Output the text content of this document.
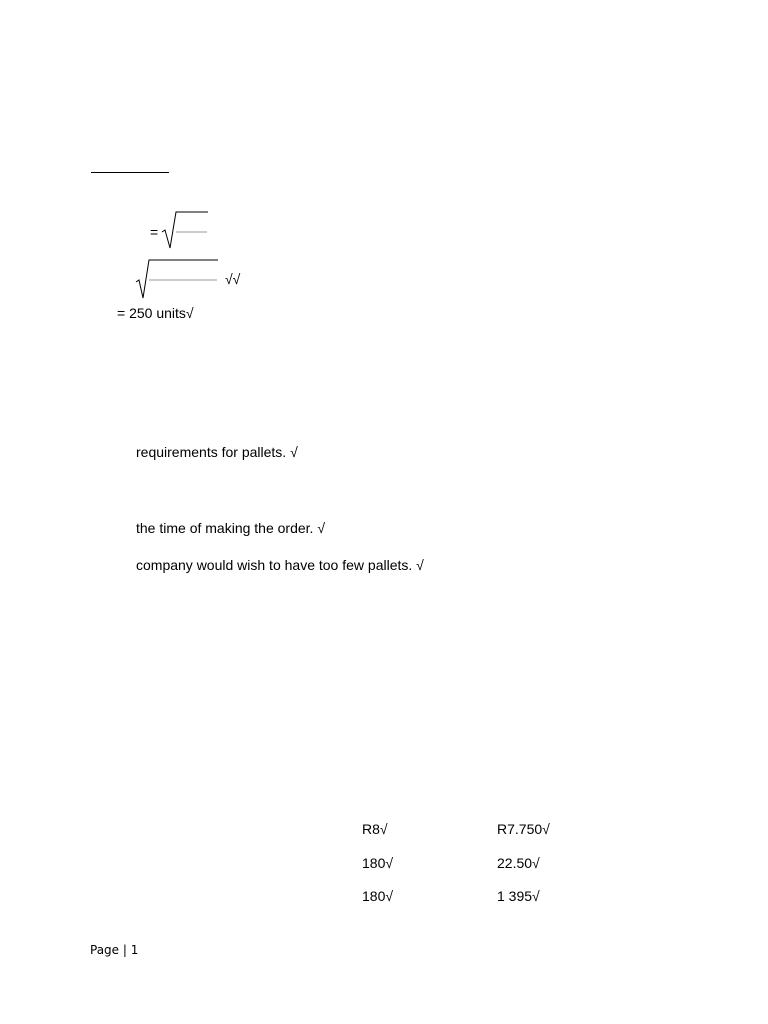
=
√√
= 250 units√
requirements for pallets. √
the time of making the order. √
company would wish to have too few pallets. √
R8√	R7.750√
180√	22.50√
180√	1 395√
Page | 1
